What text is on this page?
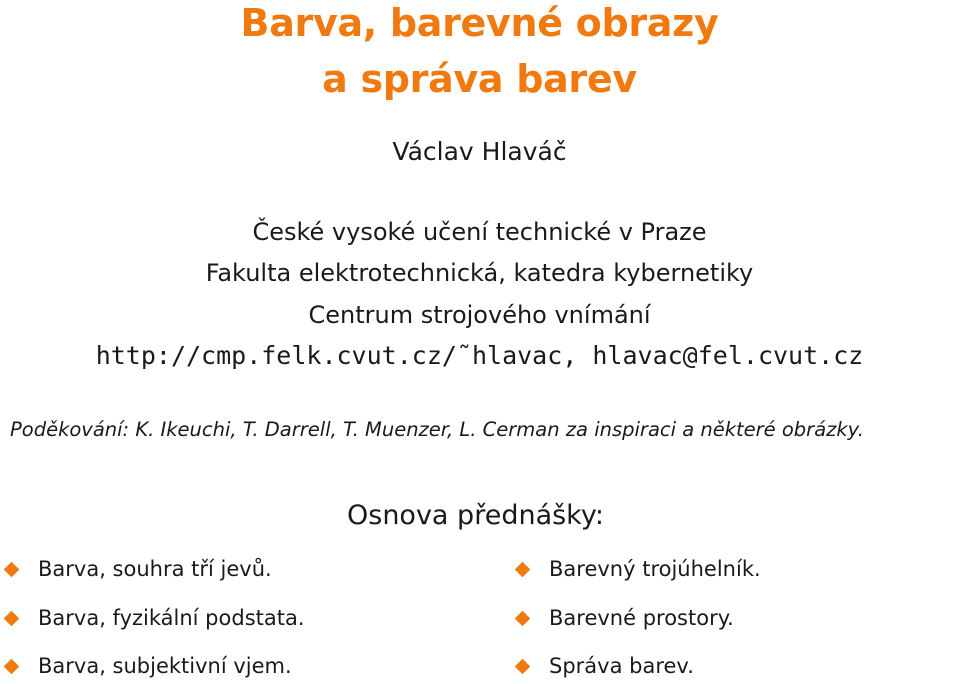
Barva, barevné obrazy
a správa barev
Václav Hlaváč
České vysoké učení technické v Praze
Fakulta elektrotechnická, katedra kybernetiky
Centrum strojového vnímání
http://cmp.felk.cvut.cz/˜hlavac, hlavac@fel.cvut.cz
Poděkování: K. Ikeuchi, T. Darrell, T. Muenzer, L. Cerman za inspiraci a některé obrázky.
Osnova přednášky:
Barva, souhra tří jevů.
Barva, fyzikální podstata.
Barva, subjektivní vjem.
Barevný trojúhelník.
Barevné prostory.
Správa barev.
